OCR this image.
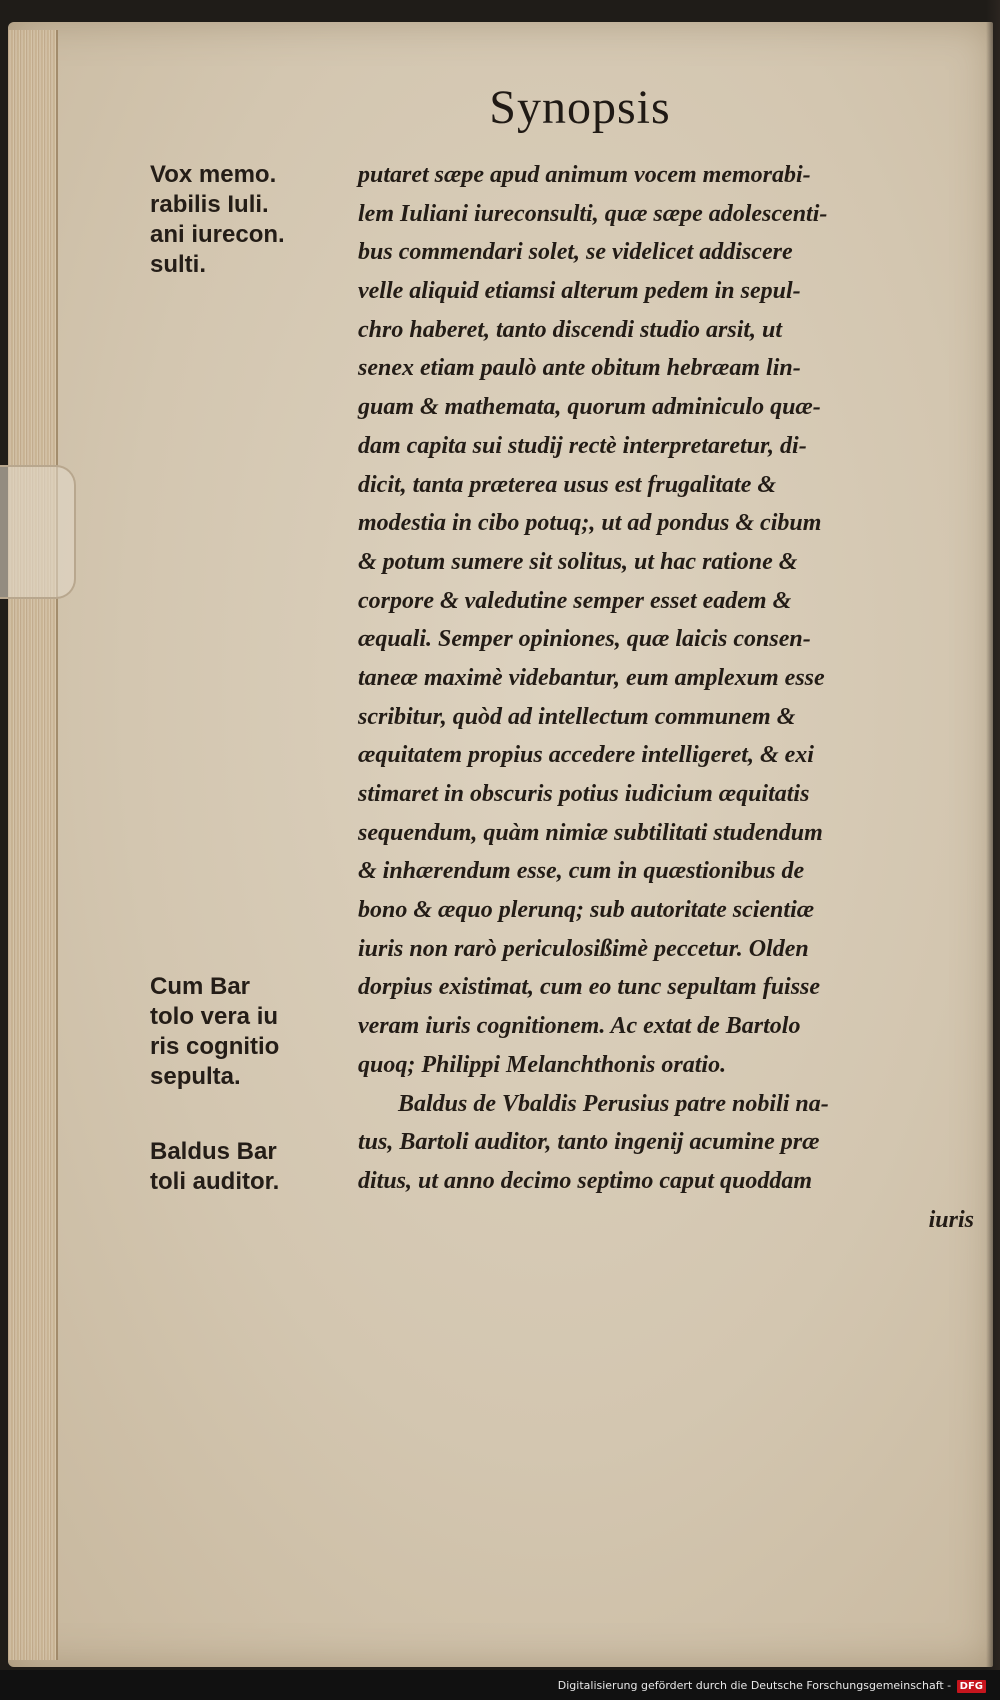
Synopsis
Vox memo.
rabilis Iuli.
ani iurecon.
sulti.
Cum Bar
tolo vera iu
ris cognitio
sepulta.
Baldus Bar
toli auditor.
putaret sæpe apud animum vocem memorabi-
lem Iuliani iureconsulti, quæ sæpe adolescenti-
bus commendari solet, se videlicet addiscere
velle aliquid etiamsi alterum pedem in sepul-
chro haberet, tanto discendi studio arsit, ut
senex etiam paulò ante obitum hebræam lin-
guam & mathemata, quorum adminiculo quæ-
dam capita sui studij rectè interpretaretur, di-
dicit, tanta præterea usus est frugalitate &
modestia in cibo potuq;, ut ad pondus & cibum
& potum sumere sit solitus, ut hac ratione &
corpore & valedutine semper esset eadem &
æquali. Semper opiniones, quæ laicis consen-
taneæ maximè videbantur, eum amplexum esse
scribitur, quòd ad intellectum communem &
æquitatem propius accedere intelligeret, & exi
stimaret in obscuris potius iudicium æquitatis
sequendum, quàm nimiæ subtilitati studendum
& inhærendum esse, cum in quæstionibus de
bono & æquo plerunq; sub autoritate scientiæ
iuris non rarò periculosißimè peccetur. Olden
dorpius existimat, cum eo tunc sepultam fuisse
veram iuris cognitionem. Ac extat de Bartolo
quoq; Philippi Melanchthonis oratio.
Baldus de Vbaldis Perusius patre nobili na-
tus, Bartoli auditor, tanto ingenij acumine præ
ditus, ut anno decimo septimo caput quoddam
iuris
Digitalisierung gefördert durch die Deutsche Forschungsgemeinschaft - DFG
